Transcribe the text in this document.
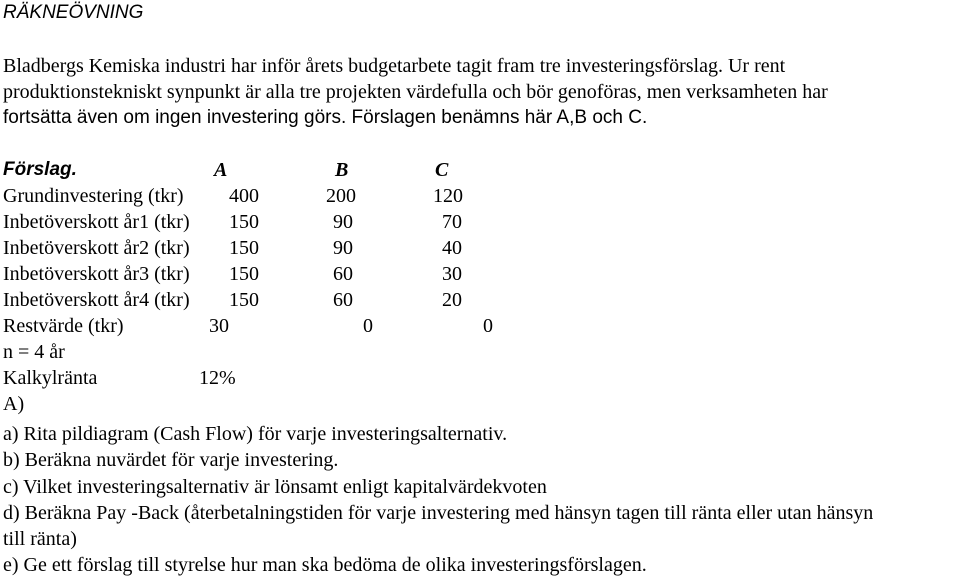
RÄKNEÖVNING
Bladbergs Kemiska industri har inför årets budgetarbete tagit fram tre investeringsförslag. Ur rent
produktionstekniskt synpunkt är alla tre projekten värdefulla och bör genoföras, men verksamheten har
fortsätta även om ingen investering görs. Förslagen benämns här A,B och C.
Förslag.	A	B	C
Grundinvestering (tkr) 400	200	120
Inbetöverskott år1 (tkr) 150	90	70
Inbetöverskott år2 (tkr) 150	90	40
Inbetöverskott år3 (tkr) 150	60	30
Inbetöverskott år4 (tkr) 150	60	20
Restvärde (tkr)	30	0	0
n = 4 år
Kalkylränta	12%
A)
a) Rita pildiagram (Cash Flow) för varje investeringsalternativ.
b) Beräkna nuvärdet för varje investering.
c) Vilket investeringsalternativ är lönsamt enligt kapitalvärdekvoten
d) Beräkna Pay -Back (återbetalningstiden för varje investering med hänsyn tagen till ränta eller utan hänsyn
till ränta)
e) Ge ett förslag till styrelse hur man ska bedöma de olika investeringsförslagen.
